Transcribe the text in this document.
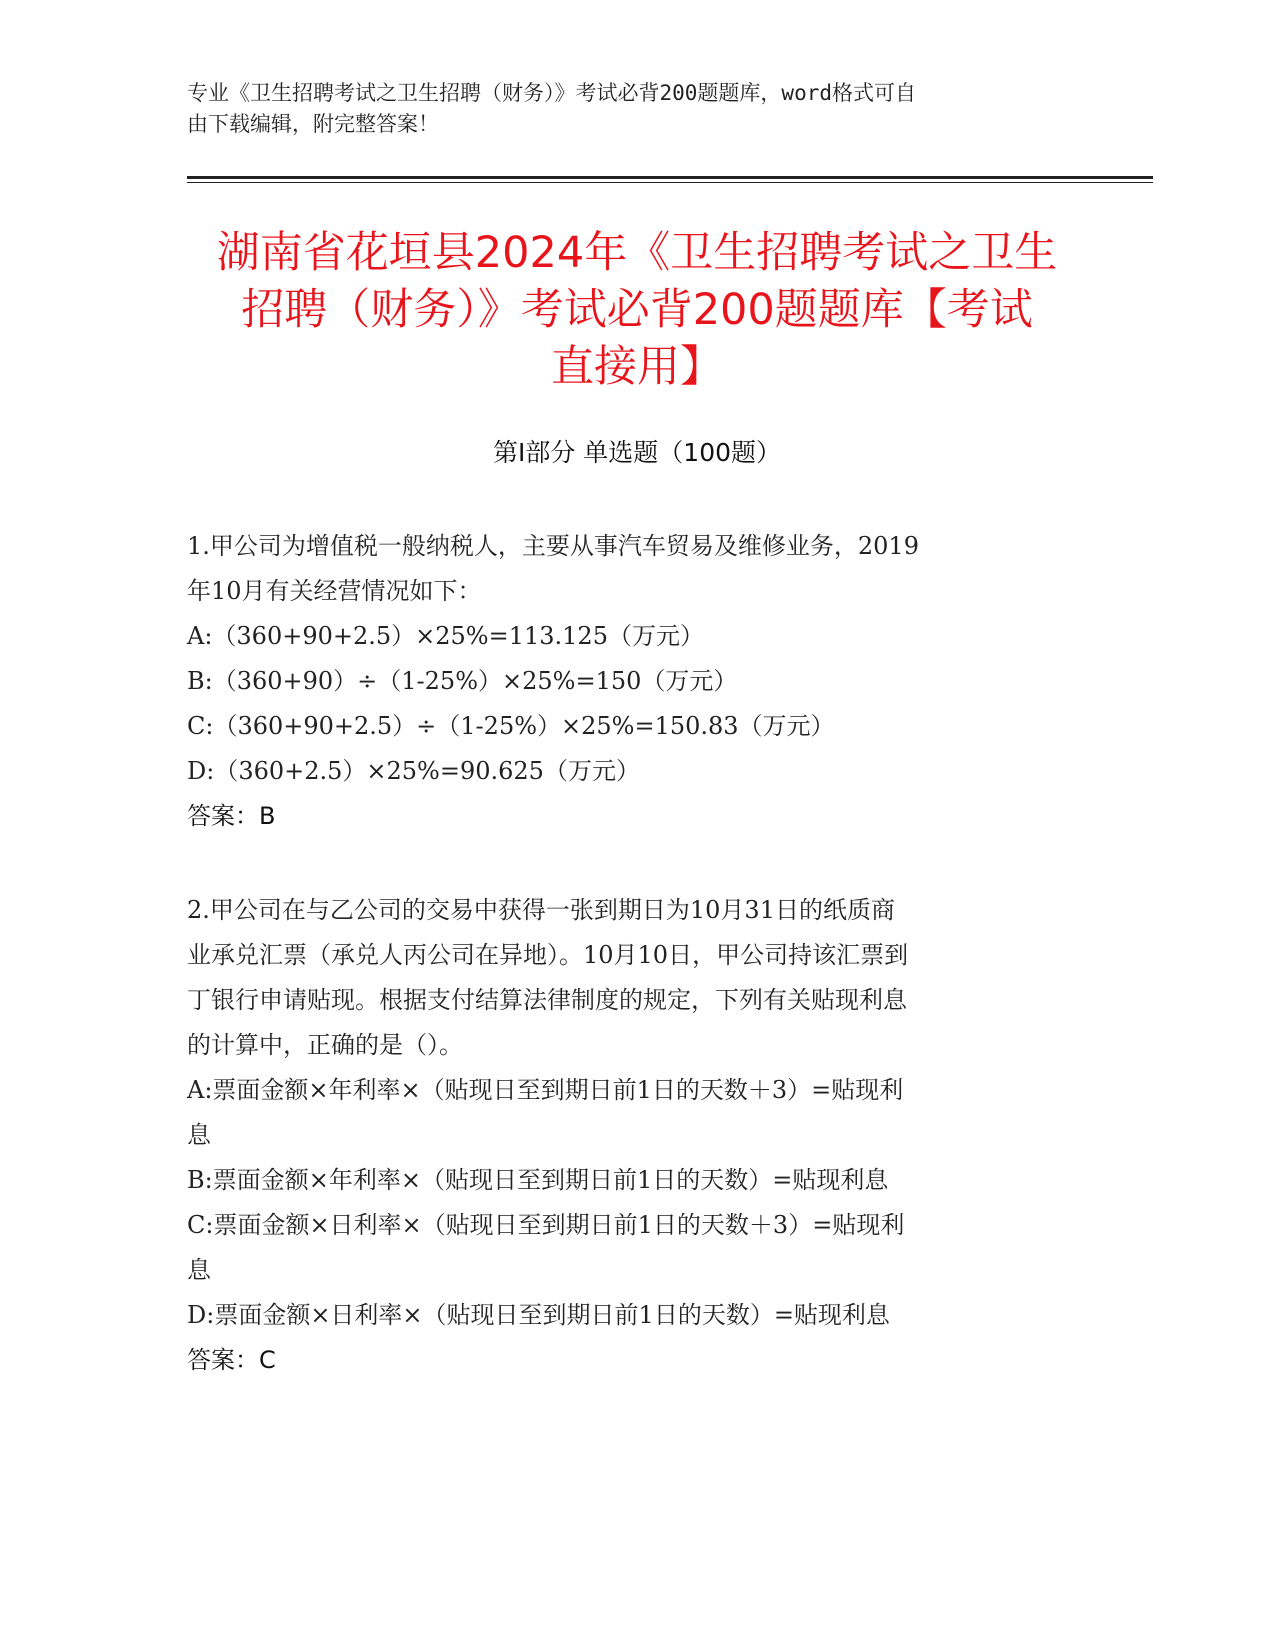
专业《卫生招聘考试之卫生招聘（财务）》考试必背200题题库，word格式可自
由下载编辑，附完整答案！
湖南省花垣县2024年《卫生招聘考试之卫生
招聘（财务）》考试必背200题题库【考试
直接用】
第Ⅰ部分 单选题（100题）
1.甲公司为增值税一般纳税人，主要从事汽车贸易及维修业务，2019
年10月有关经营情况如下：
A:（360+90+2.5）×25%=113.125（万元）
B:（360+90）÷（1-25%）×25%=150（万元）
C:（360+90+2.5）÷（1-25%）×25%=150.83（万元）
D:（360+2.5）×25%=90.625（万元）
答案：B
2.甲公司在与乙公司的交易中获得一张到期日为10月31日的纸质商
业承兑汇票（承兑人丙公司在异地）。10月10日，甲公司持该汇票到
丁银行申请贴现。根据支付结算法律制度的规定，下列有关贴现利息
的计算中，正确的是（）。
A:票面金额×年利率×（贴现日至到期日前1日的天数＋3）=贴现利
息
B:票面金额×年利率×（贴现日至到期日前1日的天数）=贴现利息
C:票面金额×日利率×（贴现日至到期日前1日的天数＋3）=贴现利
息
D:票面金额×日利率×（贴现日至到期日前1日的天数）=贴现利息
答案：C
